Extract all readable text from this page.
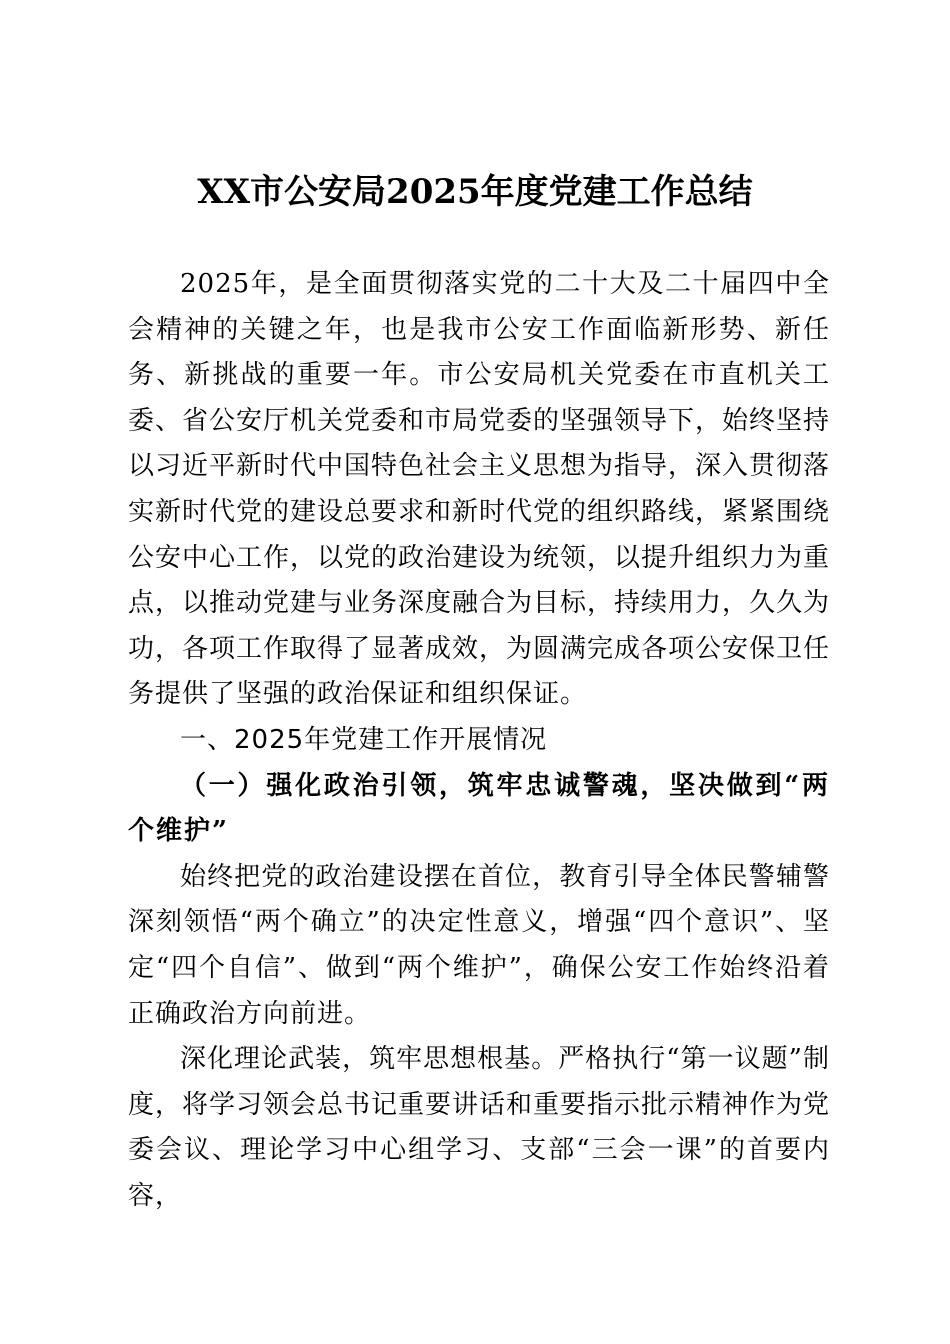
XX市公安局2025年度党建工作总结

2025年，是全面贯彻落实党的二十大及二十届四中全会精神的关键之年，也是我市公安工作面临新形势、新任务、新挑战的重要一年。市公安局机关党委在市直机关工委、省公安厅机关党委和市局党委的坚强领导下，始终坚持以习近平新时代中国特色社会主义思想为指导，深入贯彻落实新时代党的建设总要求和新时代党的组织路线，紧紧围绕公安中心工作，以党的政治建设为统领，以提升组织力为重点，以推动党建与业务深度融合为目标，持续用力，久久为功，各项工作取得了显著成效，为圆满完成各项公安保卫任务提供了坚强的政治保证和组织保证。

一、2025年党建工作开展情况

（一）强化政治引领，筑牢忠诚警魂，坚决做到“两个维护”

始终把党的政治建设摆在首位，教育引导全体民警辅警深刻领悟“两个确立”的决定性意义，增强“四个意识”、坚定“四个自信”、做到“两个维护”，确保公安工作始终沿着正确政治方向前进。

深化理论武装，筑牢思想根基。严格执行“第一议题”制度，将学习领会总书记重要讲话和重要指示批示精神作为党委会议、理论学习中心组学习、支部“三会一课”的首要内容，
